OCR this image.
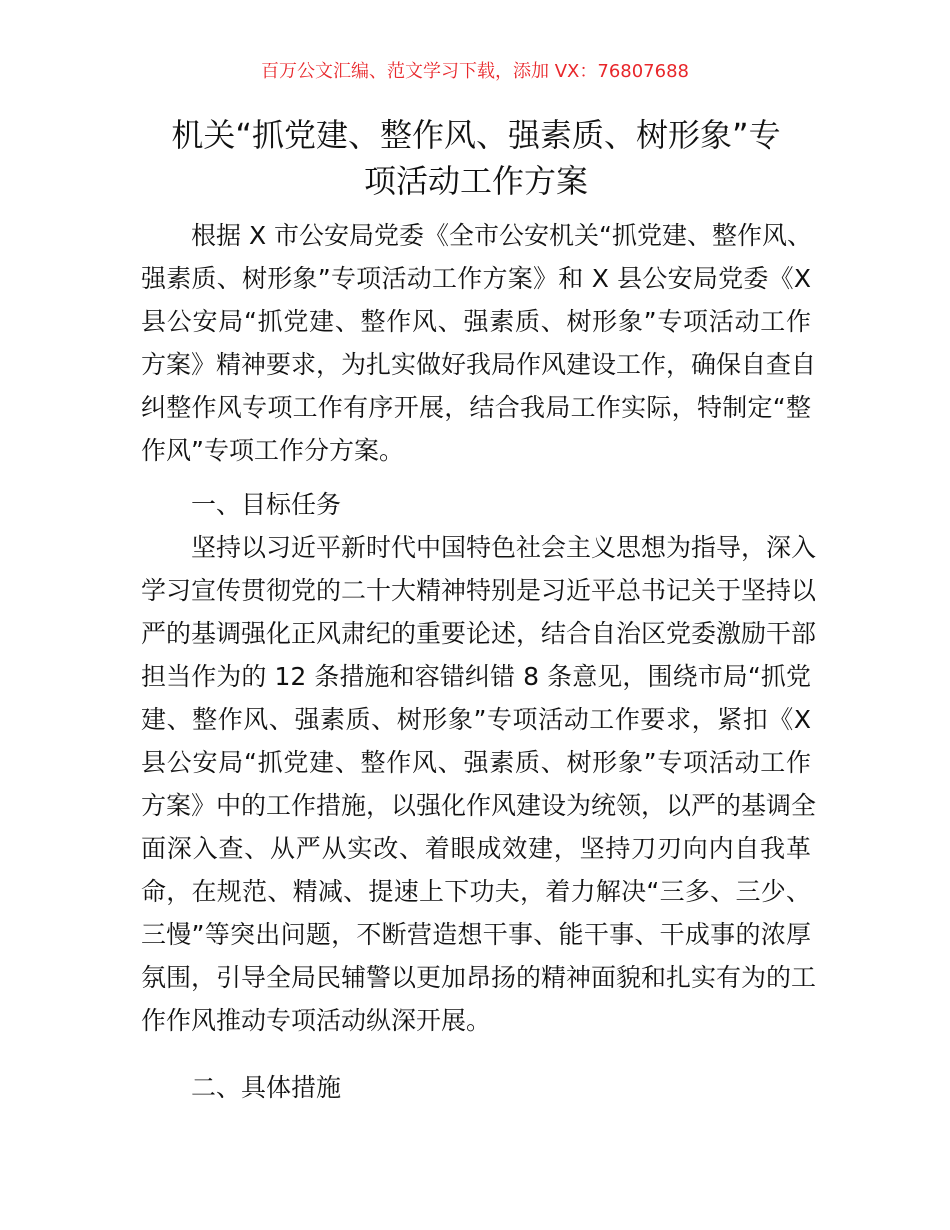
百万公文汇编、范文学习下载，添加 VX：76807688
机关“抓党建、整作风、强素质、树形象”专
项活动工作方案
根据 X 市公安局党委《全市公安机关“抓党建、整作风、
强素质、树形象”专项活动工作方案》和 X 县公安局党委《X
县公安局“抓党建、整作风、强素质、树形象”专项活动工作
方案》精神要求，为扎实做好我局作风建设工作，确保自查自
纠整作风专项工作有序开展，结合我局工作实际，特制定“整
作风”专项工作分方案。
一、目标任务
坚持以习近平新时代中国特色社会主义思想为指导，深入
学习宣传贯彻党的二十大精神特别是习近平总书记关于坚持以
严的基调强化正风肃纪的重要论述，结合自治区党委激励干部
担当作为的 12 条措施和容错纠错 8 条意见，围绕市局“抓党
建、整作风、强素质、树形象”专项活动工作要求，紧扣《X
县公安局“抓党建、整作风、强素质、树形象”专项活动工作
方案》中的工作措施，以强化作风建设为统领，以严的基调全
面深入查、从严从实改、着眼成效建，坚持刀刃向内自我革
命，在规范、精减、提速上下功夫，着力解决“三多、三少、
三慢”等突出问题，不断营造想干事、能干事、干成事的浓厚
氛围，引导全局民辅警以更加昂扬的精神面貌和扎实有为的工
作作风推动专项活动纵深开展。
二、具体措施
